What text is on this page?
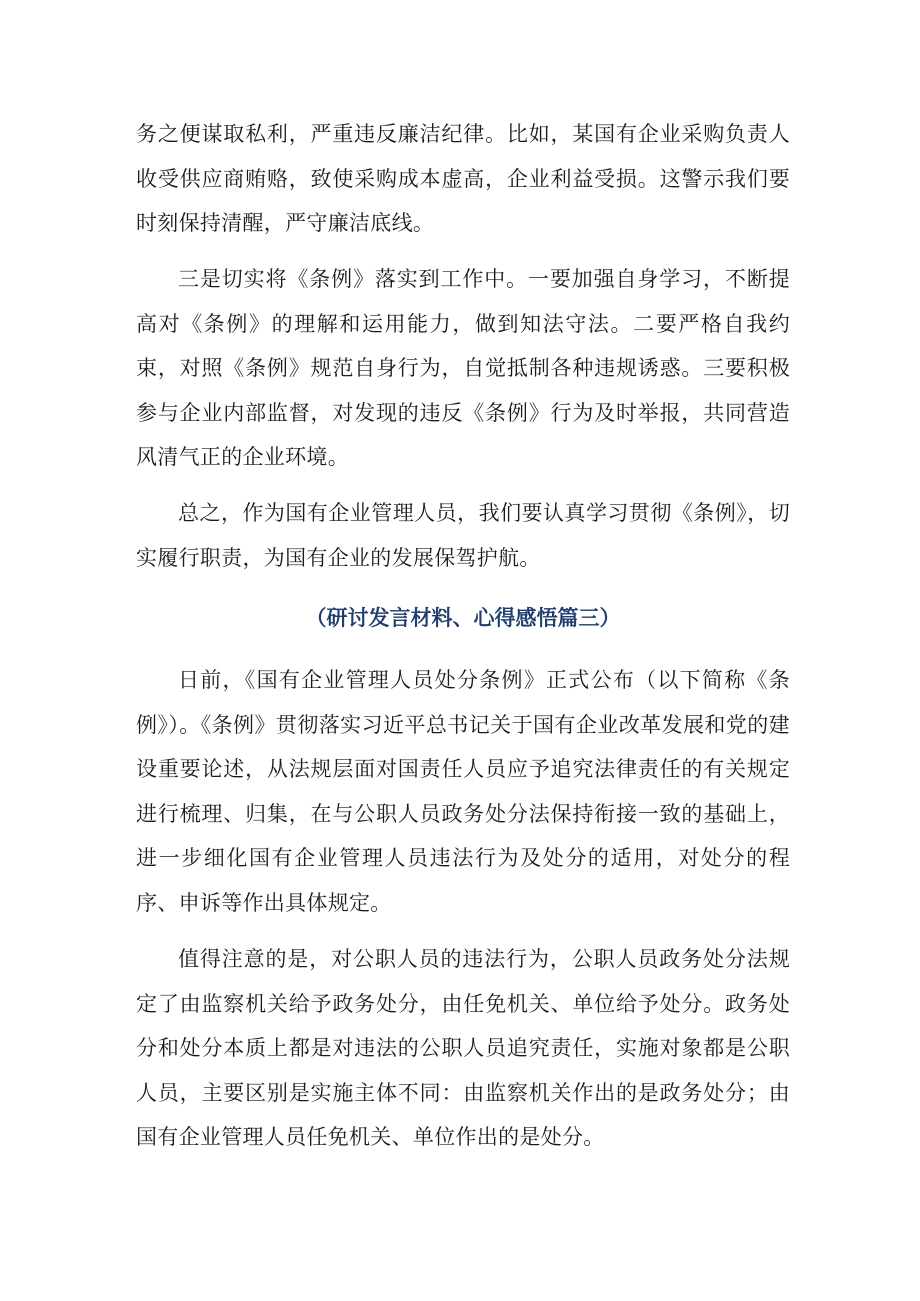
务之便谋取私利，严重违反廉洁纪律。比如，某国有企业采购负责人收受供应商贿赂，致使采购成本虚高，企业利益受损。这警示我们要时刻保持清醒，严守廉洁底线。

三是切实将《条例》落实到工作中。一要加强自身学习，不断提高对《条例》的理解和运用能力，做到知法守法。二要严格自我约束，对照《条例》规范自身行为，自觉抵制各种违规诱惑。三要积极参与企业内部监督，对发现的违反《条例》行为及时举报，共同营造风清气正的企业环境。

总之，作为国有企业管理人员，我们要认真学习贯彻《条例》，切实履行职责，为国有企业的发展保驾护航。

（研讨发言材料、心得感悟篇三）

日前，《国有企业管理人员处分条例》正式公布（以下简称《条例》）。《条例》贯彻落实习近平总书记关于国有企业改革发展和党的建设重要论述，从法规层面对国责任人员应予追究法律责任的有关规定进行梳理、归集，在与公职人员政务处分法保持衔接一致的基础上，进一步细化国有企业管理人员违法行为及处分的适用，对处分的程序、申诉等作出具体规定。

值得注意的是，对公职人员的违法行为，公职人员政务处分法规定了由监察机关给予政务处分，由任免机关、单位给予处分。政务处分和处分本质上都是对违法的公职人员追究责任，实施对象都是公职人员，主要区别是实施主体不同：由监察机关作出的是政务处分；由国有企业管理人员任免机关、单位作出的是处分。
